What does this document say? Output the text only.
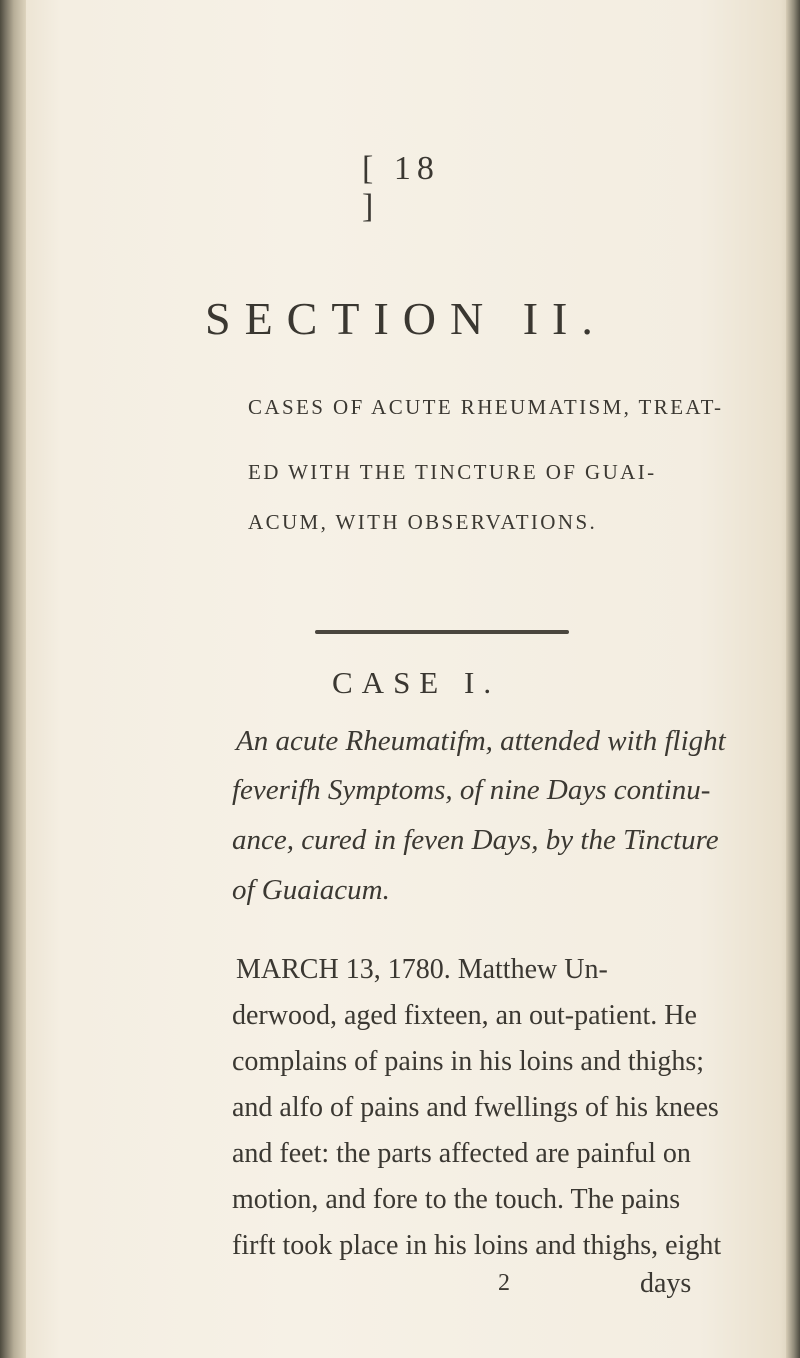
[ 18 ]
SECTION II.
CASES OF ACUTE RHEUMATISM, TREAT-
ED WITH THE TINCTURE OF GUAI-
ACUM, WITH OBSERVATIONS.
CASE I.
An acute Rheumatifm, attended with flight
feverifh Symptoms, of nine Days continu-
ance, cured in feven Days, by the Tincture
of Guaiacum.
MARCH 13, 1780. Matthew Un-
derwood, aged fixteen, an out-patient. He
complains of pains in his loins and thighs;
and alfo of pains and fwellings of his knees
and feet: the parts affected are painful on
motion, and fore to the touch. The pains
firft took place in his loins and thighs, eight
2	days
